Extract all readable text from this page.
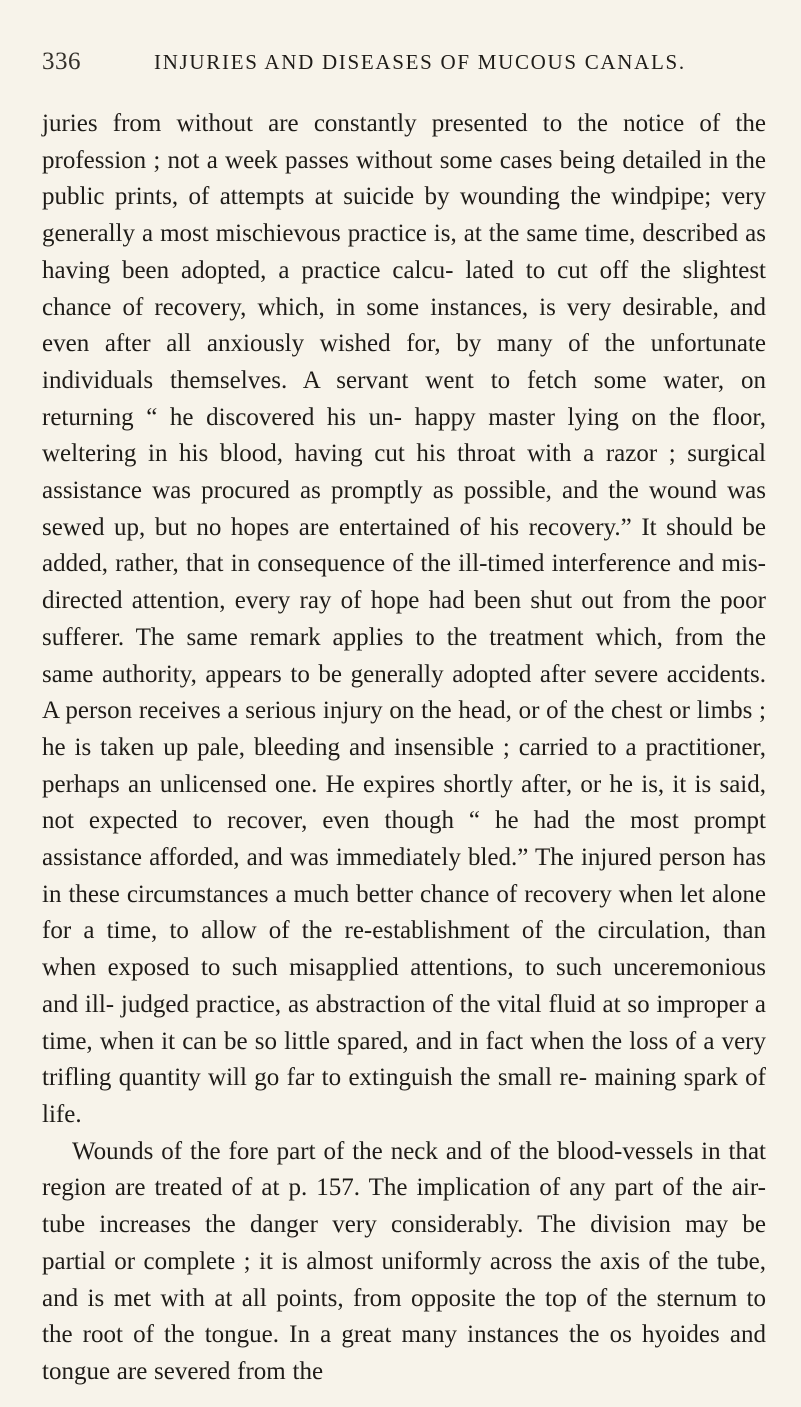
336	INJURIES AND DISEASES OF MUCOUS CANALS.

juries from without are constantly presented to the notice of the profession ; not a week passes without some cases being detailed in the public prints, of attempts at suicide by wounding the windpipe; very generally a most mischievous practice is, at the same time, described as having been adopted, a practice calcu- lated to cut off the slightest chance of recovery, which, in some instances, is very desirable, and even after all anxiously wished for, by many of the unfortunate individuals themselves. A servant went to fetch some water, on returning “ he discovered his un- happy master lying on the floor, weltering in his blood, having cut his throat with a razor ; surgical assistance was procured as promptly as possible, and the wound was sewed up, but no hopes are entertained of his recovery.” It should be added, rather, that in consequence of the ill-timed interference and mis-directed attention, every ray of hope had been shut out from the poor sufferer. The same remark applies to the treatment which, from the same authority, appears to be generally adopted after severe accidents. A person receives a serious injury on the head, or of the chest or limbs ; he is taken up pale, bleeding and insensible ; carried to a practitioner, perhaps an unlicensed one. He expires shortly after, or he is, it is said, not expected to recover, even though “ he had the most prompt assistance afforded, and was immediately bled.” The injured person has in these circumstances a much better chance of recovery when let alone for a time, to allow of the re-establishment of the circulation, than when exposed to such misapplied attentions, to such unceremonious and ill- judged practice, as abstraction of the vital fluid at so improper a time, when it can be so little spared, and in fact when the loss of a very trifling quantity will go far to extinguish the small re- maining spark of life.

Wounds of the fore part of the neck and of the blood-vessels in that region are treated of at p. 157. The implication of any part of the air-tube increases the danger very considerably. The division may be partial or complete ; it is almost uniformly across the axis of the tube, and is met with at all points, from opposite the top of the sternum to the root of the tongue. In a great many instances the os hyoides and tongue are severed from the
